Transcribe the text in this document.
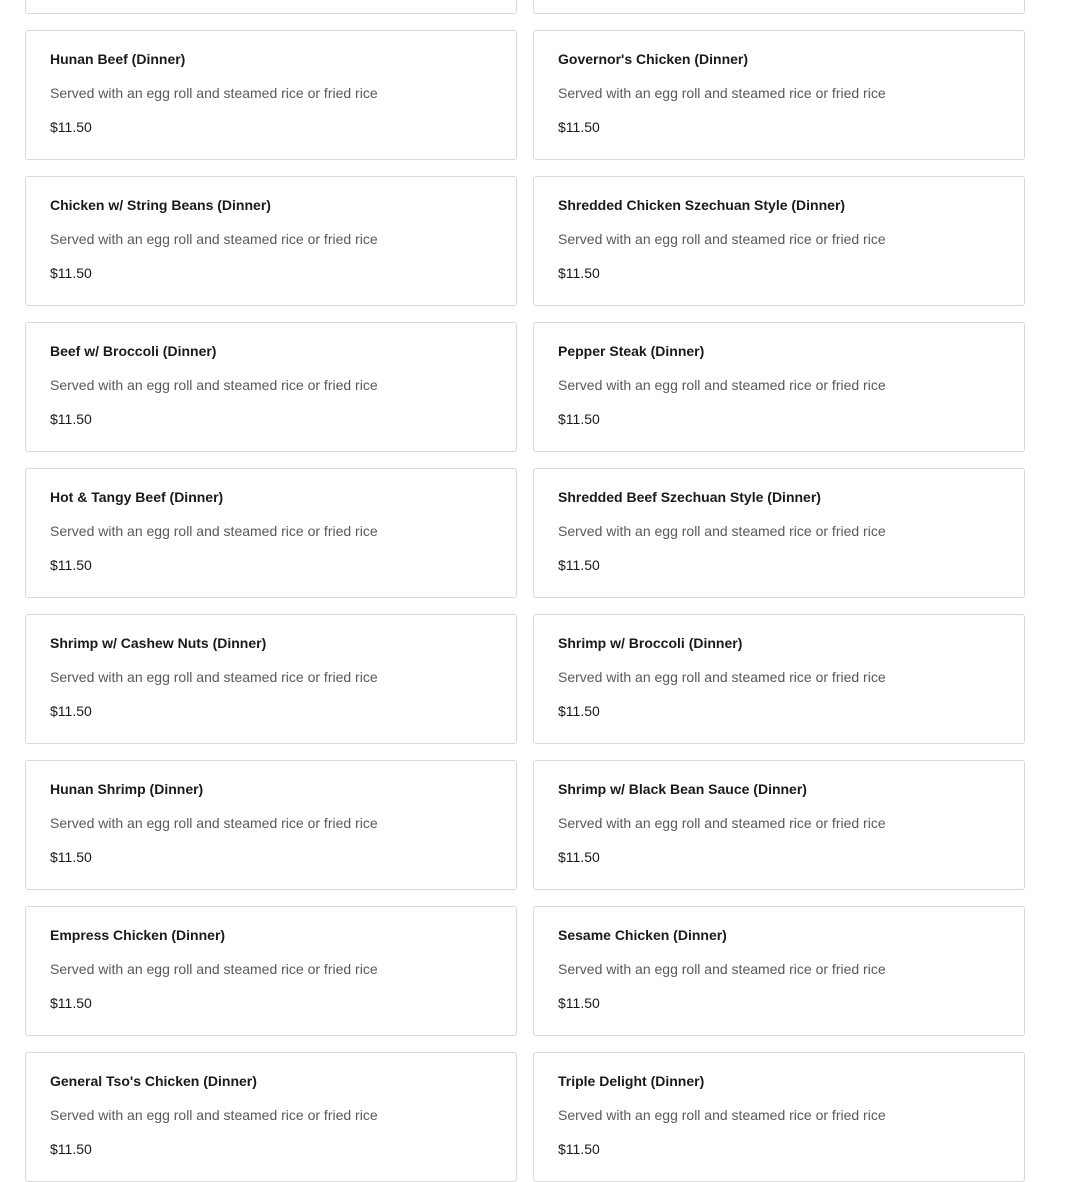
Hunan Beef (Dinner)
Served with an egg roll and steamed rice or fried rice
$11.50
Governor's Chicken (Dinner)
Served with an egg roll and steamed rice or fried rice
$11.50
Chicken w/ String Beans (Dinner)
Served with an egg roll and steamed rice or fried rice
$11.50
Shredded Chicken Szechuan Style (Dinner)
Served with an egg roll and steamed rice or fried rice
$11.50
Beef w/ Broccoli (Dinner)
Served with an egg roll and steamed rice or fried rice
$11.50
Pepper Steak (Dinner)
Served with an egg roll and steamed rice or fried rice
$11.50
Hot & Tangy Beef (Dinner)
Served with an egg roll and steamed rice or fried rice
$11.50
Shredded Beef Szechuan Style (Dinner)
Served with an egg roll and steamed rice or fried rice
$11.50
Shrimp w/ Cashew Nuts (Dinner)
Served with an egg roll and steamed rice or fried rice
$11.50
Shrimp w/ Broccoli (Dinner)
Served with an egg roll and steamed rice or fried rice
$11.50
Hunan Shrimp (Dinner)
Served with an egg roll and steamed rice or fried rice
$11.50
Shrimp w/ Black Bean Sauce (Dinner)
Served with an egg roll and steamed rice or fried rice
$11.50
Empress Chicken (Dinner)
Served with an egg roll and steamed rice or fried rice
$11.50
Sesame Chicken (Dinner)
Served with an egg roll and steamed rice or fried rice
$11.50
General Tso's Chicken (Dinner)
Served with an egg roll and steamed rice or fried rice
$11.50
Triple Delight (Dinner)
Served with an egg roll and steamed rice or fried rice
$11.50
